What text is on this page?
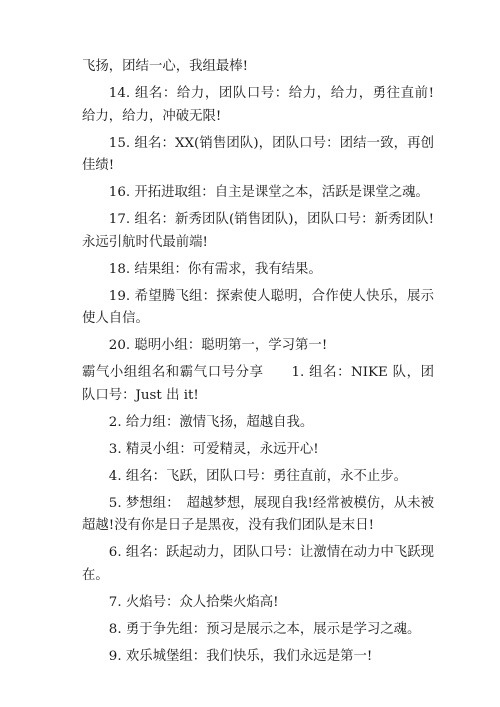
飞扬，团结一心，我组最棒!

14. 组名：给力，团队口号：给力，给力，勇往直前!给力，给力，冲破无限!

15. 组名：XX(销售团队)，团队口号：团结一致，再创佳绩!

16. 开拓进取组：自主是课堂之本，活跃是课堂之魂。

17. 组名：新秀团队(销售团队)，团队口号：新秀团队!永远引航时代最前端!

18. 结果组：你有需求，我有结果。

19. 希望腾飞组：探索使人聪明，合作使人快乐，展示使人自信。

20. 聪明小组：聪明第一，学习第一!

霸气小组组名和霸气口号分享　　1. 组名：NIKE 队，团队口号：Just 出 it!

2. 给力组：激情飞扬，超越自我。

3. 精灵小组：可爱精灵，永远开心!

4. 组名：飞跃，团队口号：勇往直前，永不止步。

5. 梦想组：　超越梦想，展现自我!经常被模仿，从未被超越!没有你是日子是黑夜，没有我们团队是末日!

6. 组名：跃起动力，团队口号：让激情在动力中飞跃现在。

7. 火焰号：众人拾柴火焰高!

8. 勇于争先组：预习是展示之本，展示是学习之魂。

9. 欢乐城堡组：我们快乐，我们永远是第一!
